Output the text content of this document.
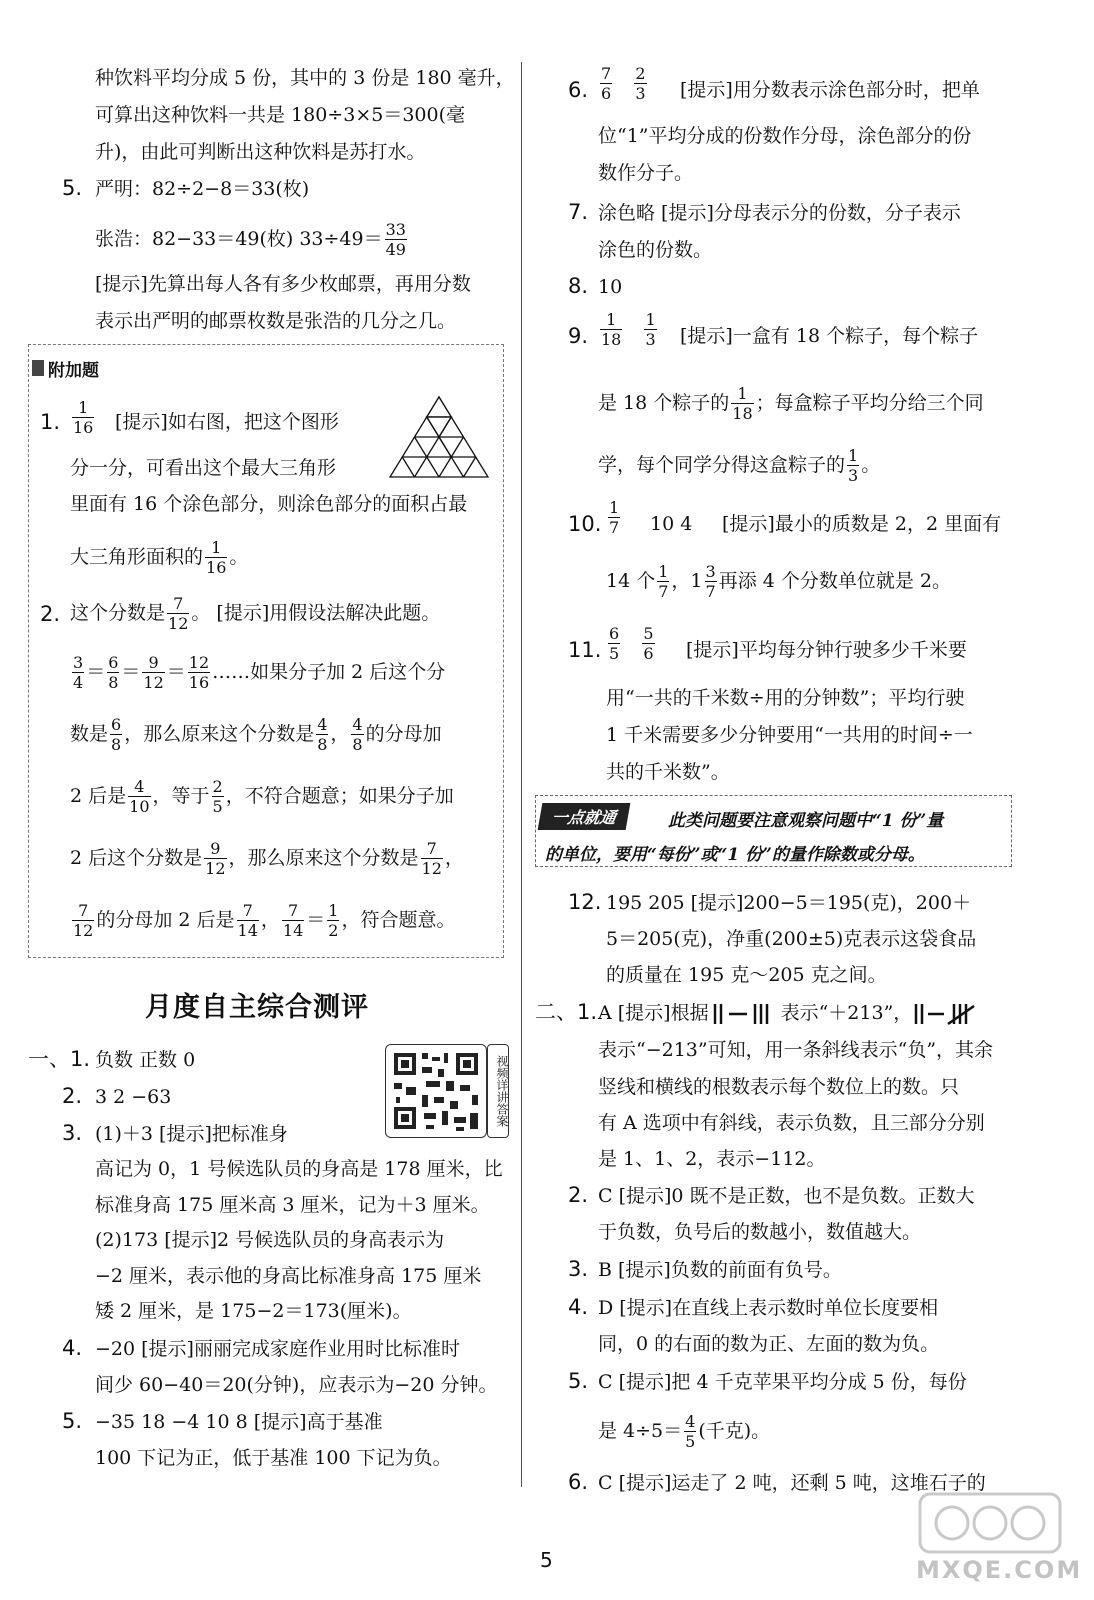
种饮料平均分成 5 份，其中的 3 份是 180 毫升，
可算出这种饮料一共是 180÷3×5＝300(毫
升)，由此可判断出这种饮料是苏打水。
5. 严明：82÷2−8＝33(枚)
张浩：82−33＝49(枚) $33\div 49= \frac{33}{49}$
[提示]先算出每人各有多少枚邮票，再用分数
表示出严明的邮票枚数是张浩的几分之几。
附加题
1. $\frac{1}{16}$ [提示]如右图，把这个图形
分一分，可看出这个最大三角形
里面有 16 个涂色部分，则涂色部分的面积占最
大三角形面积的 $\frac{1}{16}$ 。
2. 这个分数是 $\frac{7}{12}$ 。 [提示]用假设法解决此题。
$\frac{3}{4} = \frac{6}{8} = \frac{9}{12} = \frac{12}{16}$ ……如果分子加 2 后这个分
数是 $\frac{6}{8}$ ，那么原来这个分数是 $\frac{4}{8}$ ， $\frac{4}{8}$ 的分母加
2 后是 $\frac{4}{10}$ ，等于 $\frac{2}{5}$ ，不符合题意；如果分子加
2 后这个分数是 $\frac{9}{12}$ ，那么原来这个分数是 $\frac{7}{12}$ ，
$\frac{7}{12}$ 的分母加 2 后是 $\frac{7}{14}$ ， $\frac{7}{14} = \frac{1}{2}$ ，符合题意。
月度自主综合测评
一、1. 负数 正数 0	视频详讲答案
2. 3 2 −63
3. (1)＋3 [提示]把标准身
高记为 0，1 号候选队员的身高是 178 厘米，比
标准身高 175 厘米高 3 厘米，记为＋3 厘米。
(2)173 [提示]2 号候选队员的身高表示为
−2 厘米，表示他的身高比标准身高 175 厘米
矮 2 厘米，是 175−2＝173(厘米)。
4. −20 [提示]丽丽完成家庭作业用时比标准时
间少 60−40＝20(分钟)，应表示为−20 分钟。
5. −35 18 −4 10 8 [提示]高于基准
100 下记为正，低于基准 100 下记为负。
6. $\frac{7}{6}$
$\frac{2}{3}$ [提示]用分数表示涂色部分时，把单
位“1”平均分成的份数作分母，涂色部分的份
数作分子。
7. 涂色略 [提示]分母表示分的份数，分子表示
涂色的份数。
8. 10
9. $\frac{1}{18}$
$\frac{1}{3}$ [提示]一盒有 18 个粽子，每个粽子
是 18 个粽子的 $\frac{1}{18}$ ；每盒粽子平均分给三个同
学，每个同学分得这盒粽子的 $\frac{1}{3}$ 。
10. $\frac{1}{7} 10$ 4 [提示]最小的质数是 2，2 里面有
14 个 $\frac{1}{7}$ ，$1 \frac{3}{7}$ 再添 4 个分数单位就是 2。
11. $\frac{6}{5}$
$\frac{5}{6}$ [提示]平均每分钟行驶多少千米要
用“一共的千米数÷用的分钟数”；平均行驶
1 千米需要多少分钟要用“一共用的时间÷一
共的千米数”。
一点就通	此类问题要注意观察问题中“1 份”量
的单位，要用“每份”或“1 份”的量作除数或分母。
12. 195 205 [提示]200−5＝195(克)，200＋
5＝205(克)，净重(200±5)克表示这袋食品
的质量在 195 克～205 克之间。
二、1. A [提示]根据	表示“＋213”，
表示“−213”可知，用一条斜线表示“负”，其余
竖线和横线的根数表示每个数位上的数。只
有 A 选项中有斜线，表示负数，且三部分分别
是 1、1、2，表示−112。
2. C [提示]0 既不是正数，也不是负数。正数大
于负数，负号后的数越小，数值越大。
3. B [提示]负数的前面有负号。
4. D [提示]在直线上表示数时单位长度要相
同，0 的右面的数为正、左面的数为负。
5. C [提示]把 4 千克苹果平均分成 5 份，每份
是 $4\div 5= \frac{4}{5}$ (千克)。
6. C [提示]运走了 2 吨，还剩 5 吨，这堆石子的
5	MXQE.COM
